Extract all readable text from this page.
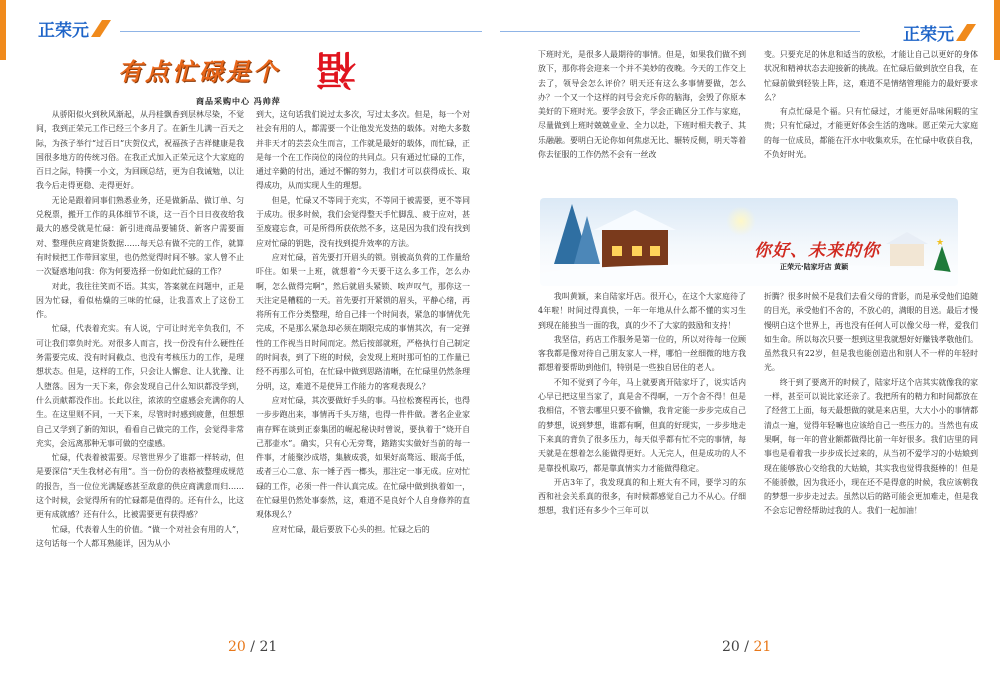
正荣元
有点忙碌是个 福
商品采购中心 冯帅萍

从骄阳似火到秋风渐起，从丹桂飘香到层林尽染，不觉间，我到正荣元工作已经三个多月了。在新生儿满一百天之际，为孩子举行“过百日”庆贺仪式，祝福孩子吉祥健康是我国很多地方的传统习俗。在我正式加入正荣元这个大家庭的百日之际，特撰一小文，为回顾总结，更为自我诫勉，以让我今后走得更稳、走得更好。

无论是跟着同事们熟悉业务，还是做新品、做订单、匀兑税票，搬开工作的具体细节不谈，这一百个日日夜夜给我最大的感受就是忙碌：新引进商品要铺货、新客户需要面对、整理供应商建货数据……每天总有做不完的工作，就算有时候把工作带回家里，也仍然觉得时间不够。家人曾不止一次疑惑地问我：你为何要选择一份如此忙碌的工作？

对此，我往往笑而不语。其实，答案就在问题中，正是因为忙碌，看似枯燥的三味的忙碌，让我喜欢上了这份工作。

忙碌，代表着充实。有人说，宁可让时光辛负我们，不可让我们辜负时光。对很多人而言，找一份没有什么硬性任务需要完成、没有时间截点、也没有考核压力的工作，是理想状态。但是，这样的工作，只会让人懈怠、让人犹豫、让人堕落。因为一天下来，你会发现自己什么知识都没学到，什么贡献都没作出。长此以往，浓浓的空虚感会充满你的人生。在这里则不同，一天下来，尽管时时感到疲惫，但想想自己又学到了新的知识，看看自己做完的工作，会觉得非常充实，会远离那种无事可做的空虚感。

忙碌，代表着被需要。尽管世界少了谁都一样转动，但是要深信“天生我材必有用”。当一份份的表格被整理成规范的报告，当一位位光满疑惑甚至敌意的供应商满意而归……这个时候，会觉得所有的忙碌都是值得的。还有什么，比这更有成就感？还有什么，比被需要更有获得感？

忙碌，代表着人生的价值。“做一个对社会有用的人”，这句话每一个人都耳熟能详，因为从小

到大，这句话我们说过太多次，写过太多次。但是，每一个对社会有用的人，都需要一个让他发光发热的载体。对绝大多数并非天才的芸芸众生而言，工作就是最好的载体，而忙碌，正是每一个在工作岗位的岗位的共同点。只有通过忙碌的工作，通过辛勤的付出，通过不懈的努力，我们才可以获得成长、取得成功，从而实现人生的理想。

但是，忙碌又不等同于充实，不等同于被需要，更不等同于成功。很多时候，我们会觉得整天手忙脚乱、疲于应对，甚至废寝忘食，可是所得所获依然不多，这是因为我们没有找到应对忙碌的钥匙，没有找到提升效率的方法。

应对忙碌，首先要打开眉头的锁。别被高负荷的工作量给吓住。如果一上班，就想着“今天要干这么多工作，怎么办啊，怎么做得完啊”，然后就眉头紧锁、唉声叹气，那你这一天注定是糟糕的一天。首先要打开紧锁的眉头，平静心绪，再将所有工作分类整理，给自己排一个时间表，紧急的事情优先完成，不是那么紧急却必须在期限完成的事情其次，有一定弹性的工作视当日时间而定。然后按部就班，严格执行自己制定的时间表，到了下班的时候，会发现上班时那可怕的工作量已经不再那么可怕，在忙碌中做到思路清晰，在忙碌里仍然条理分明，这，难道不是使异工作能力的客观表现么？

应对忙碌，其次要做好手头的事。马拉松赛程再长，也得一步步跑出来，事情再千头万绪，也得一件件做。著名企业家南存辉在谈到正泰集团的崛起秘诀时曾说，要执着于“烧开自己那壶水”。确实，只有心无旁骛，踏踏实实做好当前的每一件事，才能聚沙成塔，集腋成裘，如果好高骛远、眼高手低，或者三心二意、东一锤子西一榔头，那注定一事无成。应对忙碌的工作，必须一件一件认真完成。在忙碌中做到执着如一，在忙碌里仍然处事泰然，这，难道不是良好个人自身修养的直观体现么？

应对忙碌，最后要放下心头的担。忙碌之后的

20 / 21
正荣元

下班时光，是很多人最期待的事情。但是，如果我们做不到放下，那你将会迎来一个并不美妙的夜晚。今天的工作交上去了，领导会怎么评价？明天还有这么多事情要做，怎么办？一个又一个这样的问号会充斥你的脑海，会毁了你原本美好的下班时光。要学会放下，学会正确区分工作与家庭，尽量做到上班时兢兢业业、全力以赴，下班时相夫教子、其乐融融。要明白无论你如何焦虑无比、辗转反侧，明天等着你去征服的工作仍然不会有一丝改

变。只要充足的休息和适当的放松，才能让自己以更好的身体状况和精神状态去迎接新的挑战。在忙碌后做到放空自我，在忙碌前做到轻装上阵，这，难道不是情绪管理能力的最好要求么？

有点忙碌是个福。只有忙碌过，才能更好品味闲暇的宝贵；只有忙碌过，才能更好体会生活的逸味。愿正荣元大家庭的每一位成员，都能在汗水中收集欢乐，在忙碌中收获自我，不负好时光。

★
你好、未来的你
正荣元·陆家圩店 黄颖

我叫黄颖，来自陆家圩店。很开心，在这个大家庭待了4年啦！时间过得真快，一年一年地从什么都不懂的实习生到现在能独当一面的我，真的少不了大家的鼓励和支持！

我坚信，药店工作服务是第一位的，所以对待每一位顾客我都是像对待自己朋友家人一样，哪怕一丝细微的地方我都想着要帮助到他们，特别是一些独自居住的老人。

不知不觉到了今年，马上就要离开陆家圩了，说实话内心早已把这里当家了，真是舍不得啊，一万个舍不得！但是我相信，不管去哪里只要不偷懒，我肯定能一步步完成自己的梦想，说到梦想，谁都有啊，但真的好现实，一步步地走下来真的背负了很多压力，每天似乎都有忙不完的事情，每天就是在想着怎么能做得更好。人无完人，但是成功的人不是靠投机取巧，都是靠真情实力才能做得稳定。

开店3年了，我发现真的和上班大有不同，要学习的东西和社会关系真的很多，有时候都感觉自己力不从心。仔细想想，我们还有多少个三年可以

折腾？很多时候不是我们去看父母的背影，而是承受他们追随的目光，承受他们不舍的，不放心的，满眼的目送。最后才慢慢明白这个世界上，再也没有任何人可以像父母一样，爱我们如生命。所以每次只要一想到这里我就想好好赚钱孝敬他们。虽然我只有22岁，但是我也能创造出和别人不一样的年轻时光。

终于到了要离开的时候了，陆家圩这个店其实就像我的家一样，甚至可以说比家还亲了。我把所有的精力和时间都放在了经营工上面，每天最想做的就是来店里，大大小小的事情都清点一遍，觉得年轻嘛也应该给自己一些压力的。当然也有成果啊，每一年的营业额都做得比前一年好很多。我们店里的同事也是看着我一步步成长过来的，从当初不爱学习的小姑娘到现在能够放心交给我的大姑娘，其实我也觉得我挺棒的！但是不能骄傲，因为我还小，现在还不是得意的时候，我应该朝我的梦想一步步走过去。虽然以后的路可能会更加难走，但是我不会忘记曾经帮助过我的人。我们一起加油！

20 / 21
